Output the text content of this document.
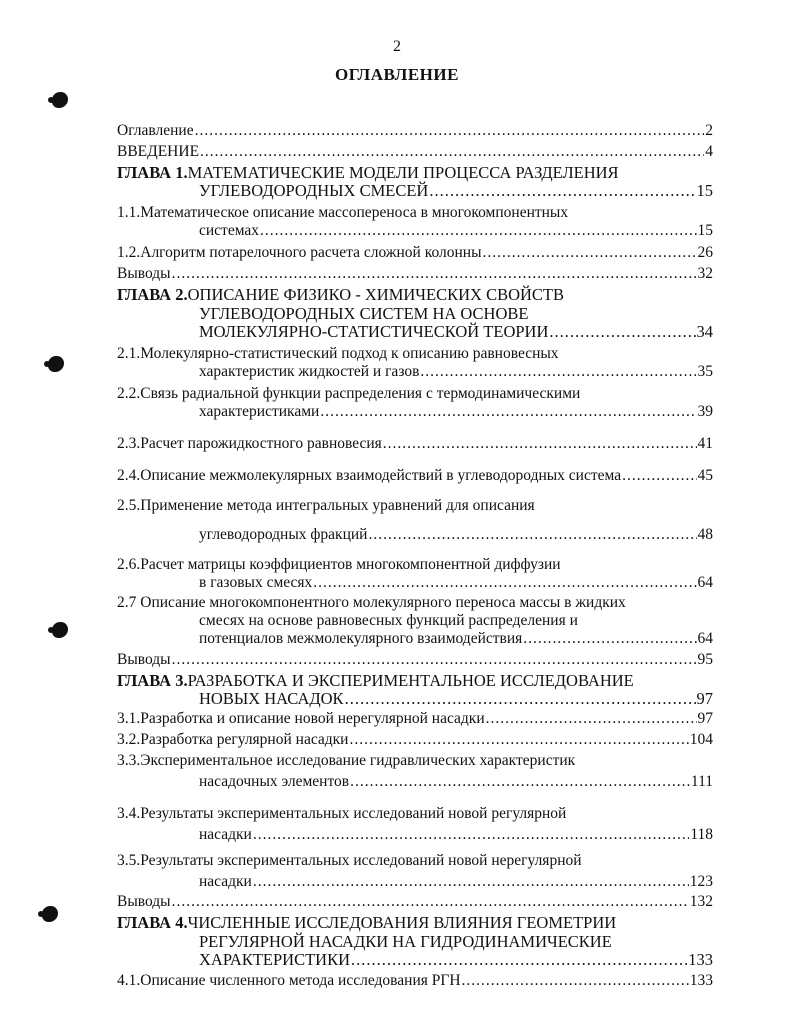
2
ОГЛАВЛЕНИЕ
Оглавление .....	2
ВВЕДЕНИЕ .....	4
ГЛАВА 1.МАТЕМАТИЧЕСКИЕ МОДЕЛИ ПРОЦЕССА РАЗДЕЛЕНИЯ
УГЛЕВОДОРОДНЫХ СМЕСЕЙ .....	15
1.1.Математическое описание массопереноса в многокомпонентных
системах .....	15
1.2.Алгоритм потарелочного расчета сложной колонны .....	26
Выводы .....	32
ГЛАВА 2.ОПИСАНИЕ ФИЗИКО - ХИМИЧЕСКИХ СВОЙСТВ
УГЛЕВОДОРОДНЫХ СИСТЕМ НА ОСНОВЕ
МОЛЕКУЛЯРНО-СТАТИСТИЧЕСКОЙ ТЕОРИИ .....	34
2.1.Молекулярно-статистический подход к описанию равновесных
характеристик жидкостей и газов .....	35
2.2.Связь радиальной функции распределения с термодинамическими
характеристиками .....	39
2.3.Расчет парожидкостного равновесия .....	41
2.4.Описание межмолекулярных взаимодействий в углеводородных система .....	45
2.5.Применение метода интегральных уравнений для описания
углеводородных фракций .....	48
2.6.Расчет матрицы коэффициентов многокомпонентной диффузии
в газовых смесях .....	64
2.7 Описание многокомпонентного молекулярного переноса массы в жидких
смесях на основе равновесных функций распределения и
потенциалов межмолекулярного взаимодействия .....	64
Выводы .....	95
ГЛАВА 3.РАЗРАБОТКА И ЭКСПЕРИМЕНТАЛЬНОЕ ИССЛЕДОВАНИЕ
НОВЫХ НАСАДОК .....	97
3.1.Разработка и описание новой нерегулярной насадки .....	97
3.2.Разработка регулярной насадки .....	104
3.3.Экспериментальное исследование гидравлических характеристик
насадочных элементов .....	111
3.4.Результаты экспериментальных исследований новой регулярной
насадки .....	118
3.5.Результаты экспериментальных исследований новой нерегулярной
насадки .....	123
Выводы .....	132
ГЛАВА 4.ЧИСЛЕННЫЕ ИССЛЕДОВАНИЯ ВЛИЯНИЯ ГЕОМЕТРИИ
РЕГУЛЯРНОЙ НАСАДКИ НА ГИДРОДИНАМИЧЕСКИЕ
ХАРАКТЕРИСТИКИ .....	133
4.1.Описание численного метода исследования РГН .....	133
